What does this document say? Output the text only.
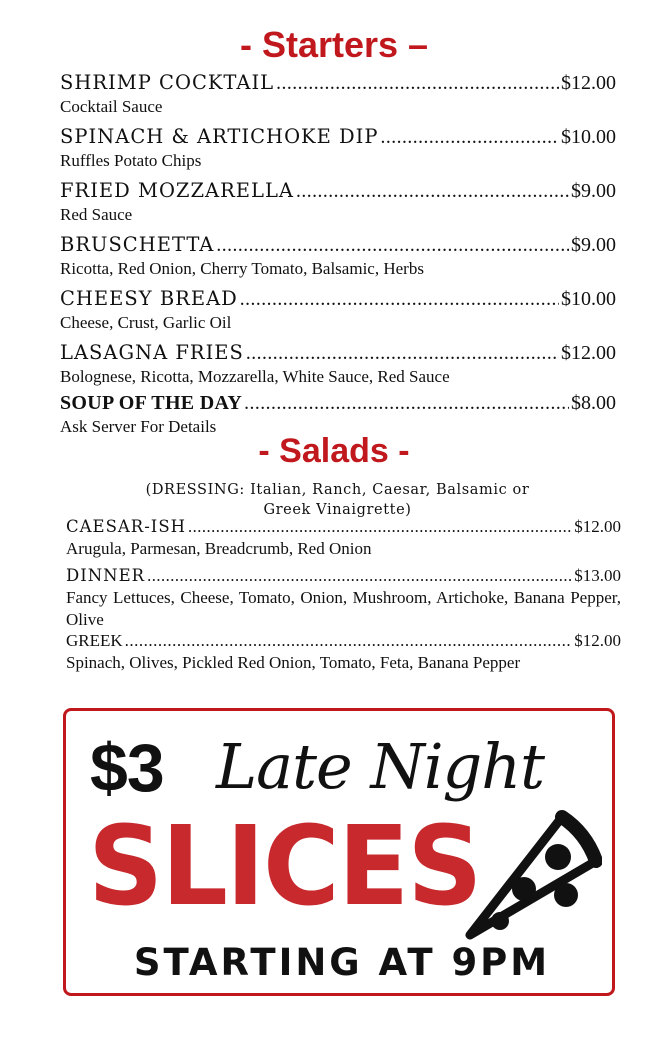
- Starters –
SHRIMP COCKTAIL .....	$12.00
Cocktail Sauce
SPINACH & ARTICHOKE DIP .....	$10.00
Ruffles Potato Chips
FRIED MOZZARELLA .....	$9.00
Red Sauce
BRUSCHETTA .....	$9.00
Ricotta, Red Onion, Cherry Tomato, Balsamic, Herbs
CHEESY BREAD .....	$10.00
Cheese, Crust, Garlic Oil
LASAGNA FRIES .....	$12.00
Bolognese, Ricotta, Mozzarella, White Sauce, Red Sauce
SOUP OF THE DAY .....	$8.00
Ask Server For Details
- Salads -
(DRESSING: Italian, Ranch, Caesar, Balsamic or
Greek Vinaigrette)
CAESAR-ISH .....	$12.00
Arugula, Parmesan, Breadcrumb, Red Onion
DINNER .....	$13.00
Fancy Lettuces, Cheese, Tomato, Onion, Mushroom, Artichoke, Banana Pepper, Olive
GREEK .....	$12.00
Spinach, Olives, Pickled Red Onion, Tomato, Feta, Banana Pepper
$3 Late Night
SLICES
STARTING AT 9PM
